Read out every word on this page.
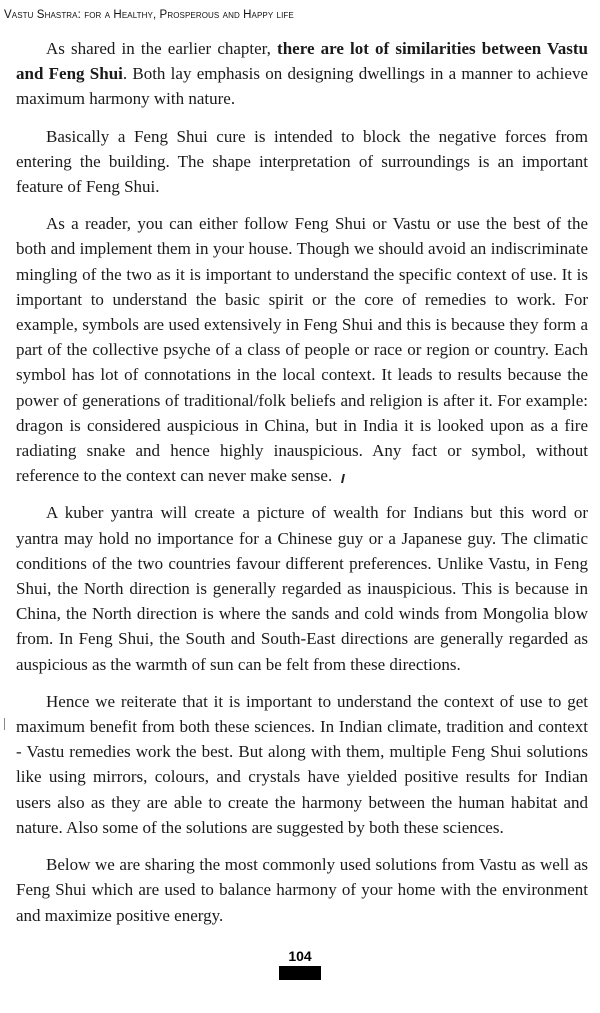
Vastu Shastra: for a Healthy, Prosperous and Happy life

As shared in the earlier chapter, there are lot of similarities between Vastu and Feng Shui. Both lay emphasis on designing dwellings in a manner to achieve maximum harmony with nature.

Basically a Feng Shui cure is intended to block the negative forces from entering the building. The shape interpretation of surroundings is an important feature of Feng Shui.

As a reader, you can either follow Feng Shui or Vastu or use the best of the both and implement them in your house. Though we should avoid an indiscriminate mingling of the two as it is important to understand the specific context of use. It is important to understand the basic spirit or the core of remedies to work. For example, symbols are used extensively in Feng Shui and this is because they form a part of the collective psyche of a class of people or race or region or country. Each symbol has lot of connotations in the local context. It leads to results because the power of generations of traditional/folk beliefs and religion is after it. For example: dragon is considered auspicious in China, but in India it is looked upon as a fire radiating snake and hence highly inauspicious. Any fact or symbol, without reference to the context can never make sense.

A kuber yantra will create a picture of wealth for Indians but this word or yantra may hold no importance for a Chinese guy or a Japanese guy. The climatic conditions of the two countries favour different preferences. Unlike Vastu, in Feng Shui, the North direction is generally regarded as inauspicious. This is because in China, the North direction is where the sands and cold winds from Mongolia blow from. In Feng Shui, the South and South-East directions are generally regarded as auspicious as the warmth of sun can be felt from these directions.

Hence we reiterate that it is important to understand the context of use to get maximum benefit from both these sciences. In Indian climate, tradition and context - Vastu remedies work the best. But along with them, multiple Feng Shui solutions like using mirrors, colours, and crystals have yielded positive results for Indian users also as they are able to create the harmony between the human habitat and nature. Also some of the solutions are suggested by both these sciences.

Below we are sharing the most commonly used solutions from Vastu as well as Feng Shui which are used to balance harmony of your home with the environment and maximize positive energy.

104
